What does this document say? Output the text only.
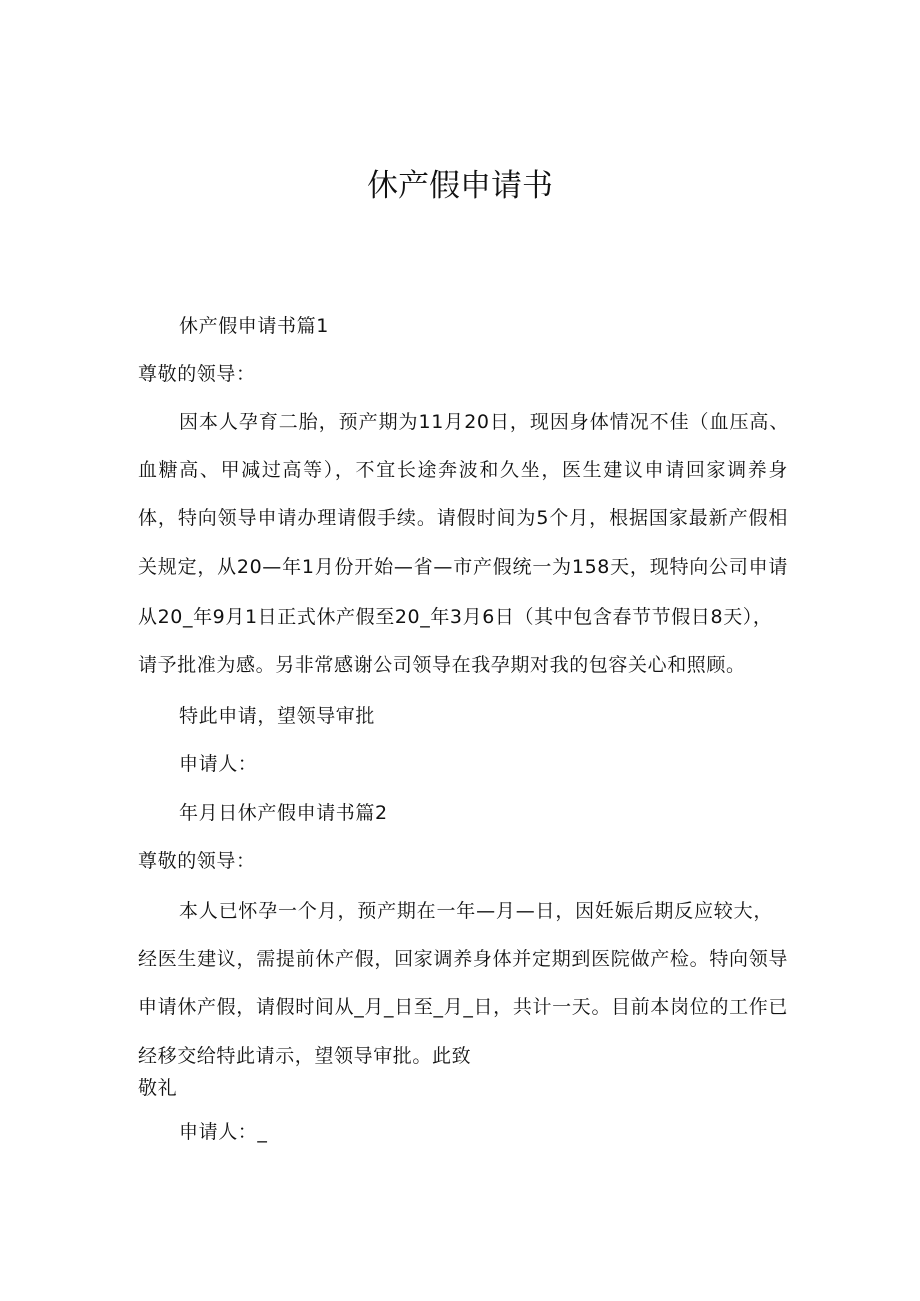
休产假申请书
休产假申请书篇1
尊敬的领导：
因本人孕育二胎，预产期为11月20日，现因身体情况不佳（血压高、
血糖高、甲减过高等），不宜长途奔波和久坐，医生建议申请回家调养身
体，特向领导申请办理请假手续。请假时间为5个月，根据国家最新产假相
关规定，从20—年1月份开始—省—市产假统一为158天，现特向公司申请
从20_年9月1日正式休产假至20_年3月6日（其中包含春节节假日8天），
请予批准为感。另非常感谢公司领导在我孕期对我的包容关心和照顾。
特此申请，望领导审批
申请人：
年月日休产假申请书篇2
尊敬的领导：
本人已怀孕一个月，预产期在一年—月—日，因妊娠后期反应较大，
经医生建议，需提前休产假，回家调养身体并定期到医院做产检。特向领导
申请休产假，请假时间从_月_日至_月_日，共计一天。目前本岗位的工作已
经移交给特此请示，望领导审批。此致
敬礼
申请人：_
